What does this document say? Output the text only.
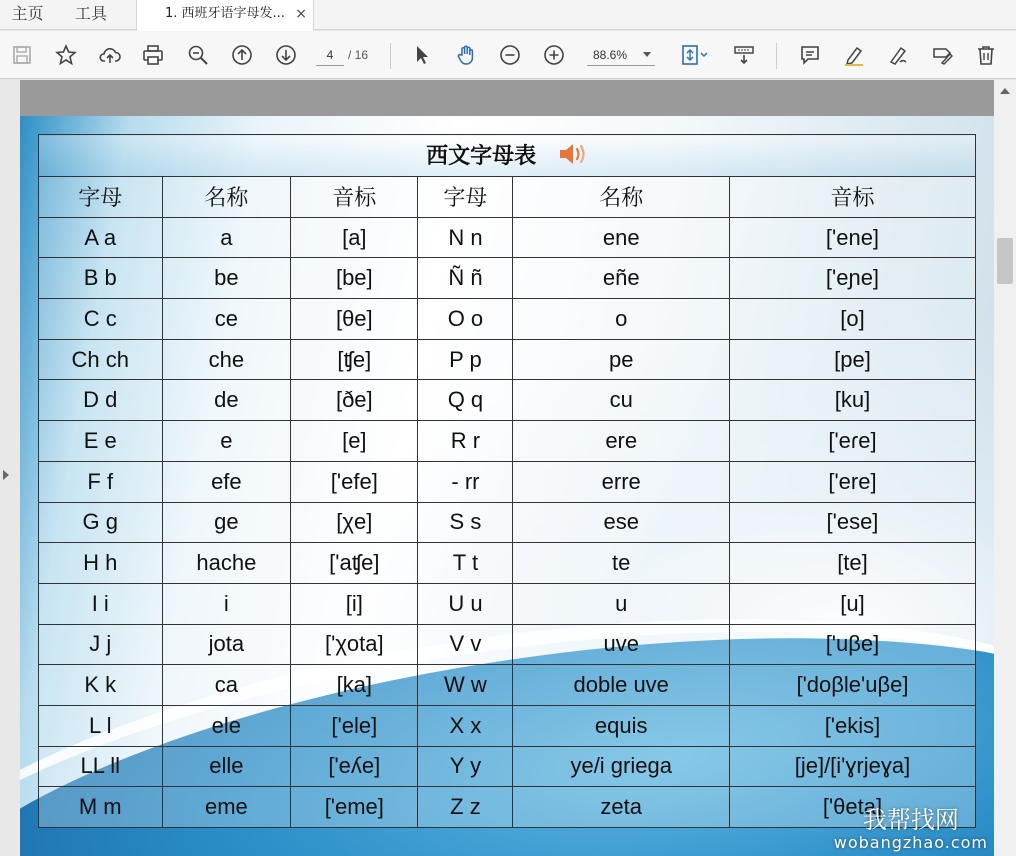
主页	工具	1. 西班牙语字母发... ×
4	/ 16	88.6%
西文字母表					
字母	名称	音标	字母	名称	音标
A a	a	[a]	N n	ene	['ene]
B b	be	[be]	Ñ ñ	eñe	['eɲe]
C c	ce	[θe]	O o	o	[o]
Ch ch	che	[ʧe]	P p	pe	[pe]
D d	de	[ðe]	Q q	cu	[ku]
E e	e	[e]	R r	ere	['eɾe]
F f	efe	['efe]	- rr	erre	['ere]
G g	ge	[χe]	S s	ese	['ese]
H h	hache	['aʧe]	T t	te	[te]
I i	i	[i]	U u	u	[u]
J j	jota	['χota]	V v	uve	['uβe]
K k	ca	[ka]	W w	doble uve	['doβle'uβe]
L l	ele	['ele]	X x	equis	['ekis]
LL ll	elle	['eʎe]	Y y	ye/i griega	[je]/[i'ɣrjeɣa]
M m	eme	['eme]	Z z	zeta	['θeta]
我帮找网
wobangzhao.com
